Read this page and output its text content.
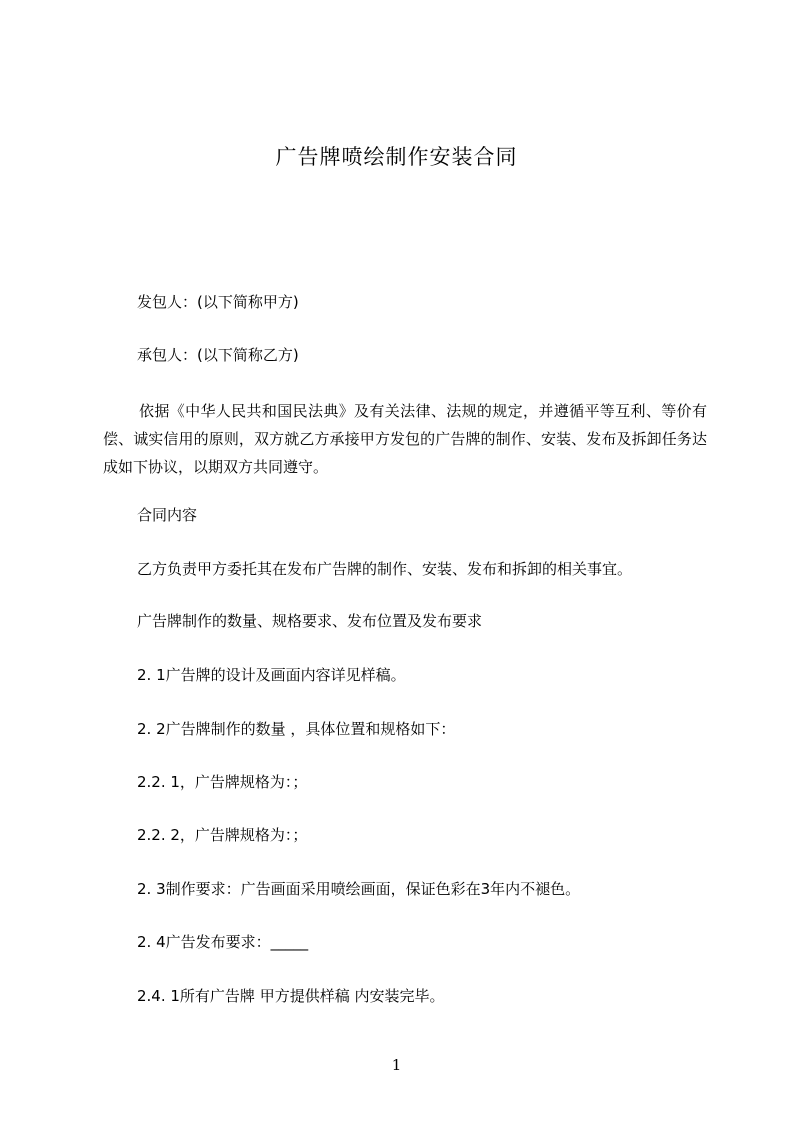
广告牌喷绘制作安装合同
发包人：(以下简称甲方)
承包人：(以下简称乙方)
依据《中华人民共和国民法典》及有关法律、法规的规定，并遵循平等互利、等价有偿、诚实信用的原则，双方就乙方承接甲方发包的广告牌的制作、安装、发布及拆卸任务达成如下协议，以期双方共同遵守。
合同内容
乙方负责甲方委托其在发布广告牌的制作、安装、发布和拆卸的相关事宜。
广告牌制作的数量、规格要求、发布位置及发布要求
2. 1广告牌的设计及画面内容详见样稿。
2. 2广告牌制作的数量 ，具体位置和规格如下：
2.2. 1，广告牌规格为：；
2.2. 2，广告牌规格为：；
2. 3制作要求：广告画面采用喷绘画面，保证色彩在3年内不褪色。
2. 4广告发布要求：_____
2.4. 1所有广告牌 甲方提供样稿 内安装完毕。
1
